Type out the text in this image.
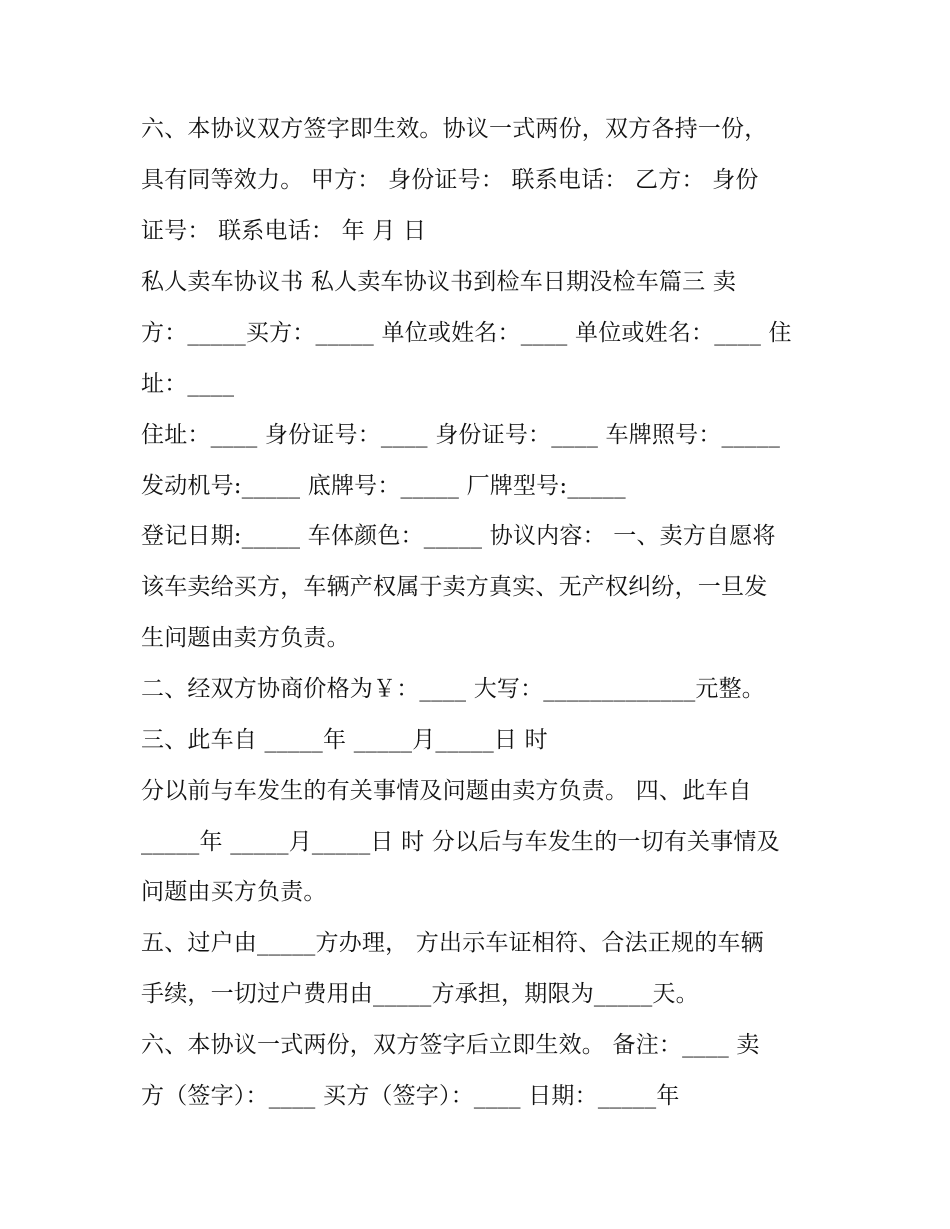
六、本协议双方签字即生效。协议一式两份，双方各持一份，

具有同等效力。 甲方： 身份证号： 联系电话： 乙方： 身份

证号： 联系电话： 年 月 日

私人卖车协议书 私人卖车协议书到检车日期没检车篇三 卖

方：_____买方：_____ 单位或姓名：____ 单位或姓名：____ 住

址：____

住址：____ 身份证号：____ 身份证号：____ 车牌照号：_____

发动机号:_____ 底牌号：_____ 厂牌型号:_____

登记日期:_____ 车体颜色：_____ 协议内容： 一、卖方自愿将

该车卖给买方，车辆产权属于卖方真实、无产权纠纷，一旦发

生问题由卖方负责。

二、经双方协商价格为￥：____ 大写：_____________元整。

三、此车自 _____年 _____月_____日 时

分以前与车发生的有关事情及问题由卖方负责。 四、此车自

_____年 _____月_____日 时 分以后与车发生的一切有关事情及

问题由买方负责。

五、过户由_____方办理， 方出示车证相符、合法正规的车辆

手续，一切过户费用由_____方承担，期限为_____天。

六、本协议一式两份，双方签字后立即生效。 备注：____ 卖

方（签字）：____ 买方（签字）：____ 日期：_____年
